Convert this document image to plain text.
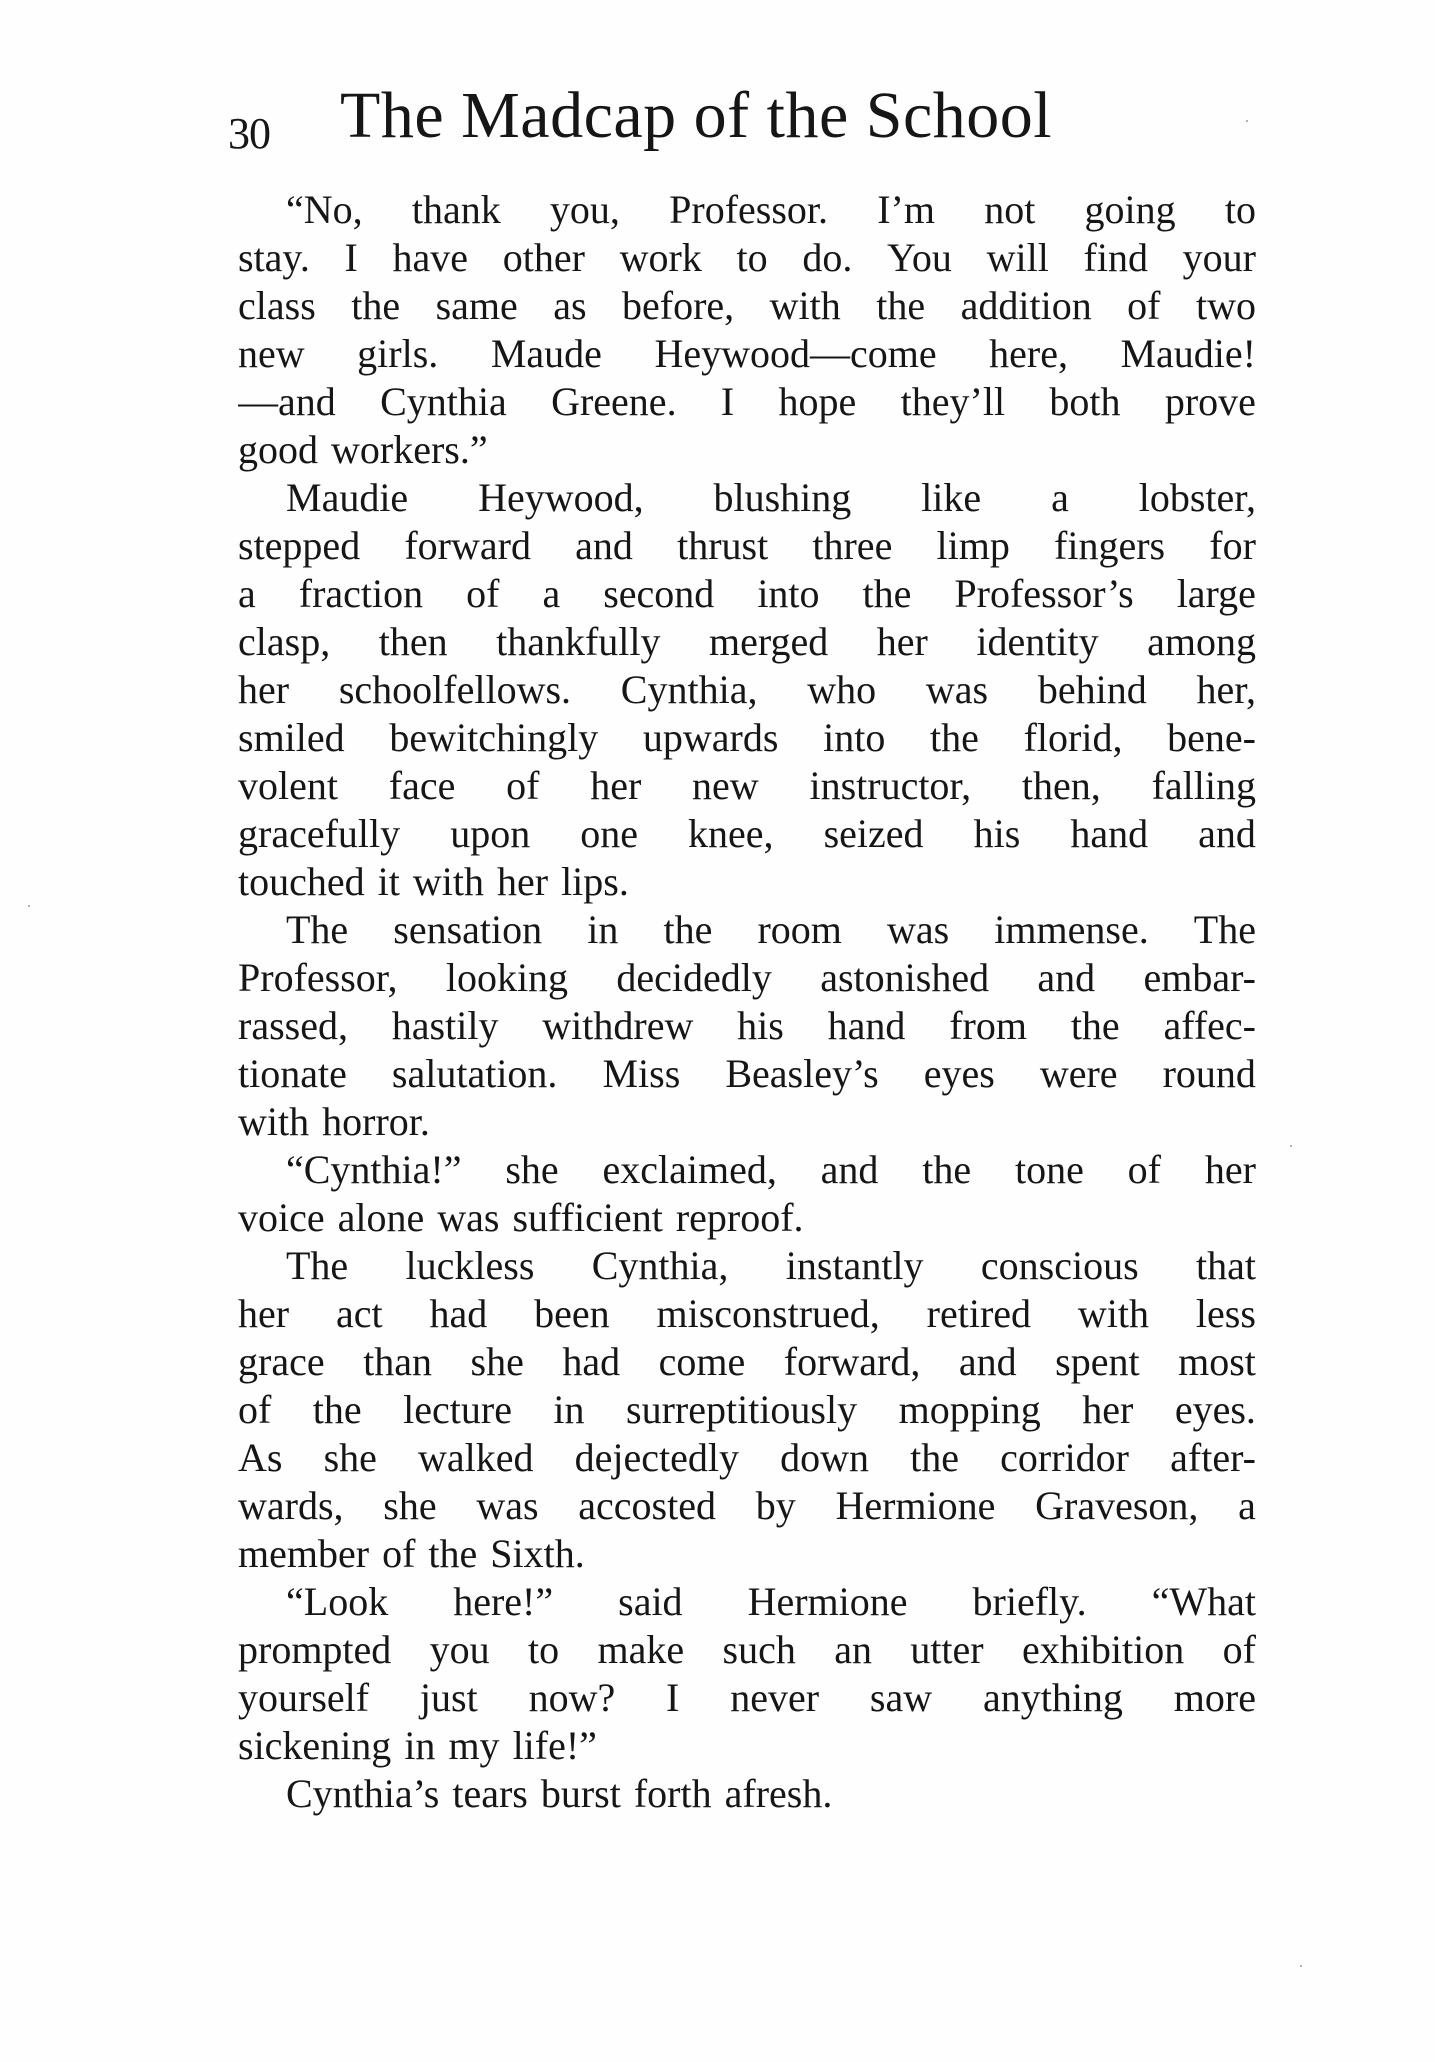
30 The Madcap of the School
“No, thank you, Professor. I’m not going to
stay. I have other work to do. You will find your
class the same as before, with the addition of two
new girls. Maude Heywood—come here, Maudie!
—and Cynthia Greene. I hope they’ll both prove
good workers.”
Maudie Heywood, blushing like a lobster,
stepped forward and thrust three limp fingers for
a fraction of a second into the Professor’s large
clasp, then thankfully merged her identity among
her schoolfellows. Cynthia, who was behind her,
smiled bewitchingly upwards into the florid, bene-
volent face of her new instructor, then, falling
gracefully upon one knee, seized his hand and
touched it with her lips.
The sensation in the room was immense. The
Professor, looking decidedly astonished and embar-
rassed, hastily withdrew his hand from the affec-
tionate salutation. Miss Beasley’s eyes were round
with horror.
“Cynthia!” she exclaimed, and the tone of her
voice alone was sufficient reproof.
The luckless Cynthia, instantly conscious that
her act had been misconstrued, retired with less
grace than she had come forward, and spent most
of the lecture in surreptitiously mopping her eyes.
As she walked dejectedly down the corridor after-
wards, she was accosted by Hermione Graveson, a
member of the Sixth.
“Look here!” said Hermione briefly. “What
prompted you to make such an utter exhibition of
yourself just now? I never saw anything more
sickening in my life!”
Cynthia’s tears burst forth afresh.
